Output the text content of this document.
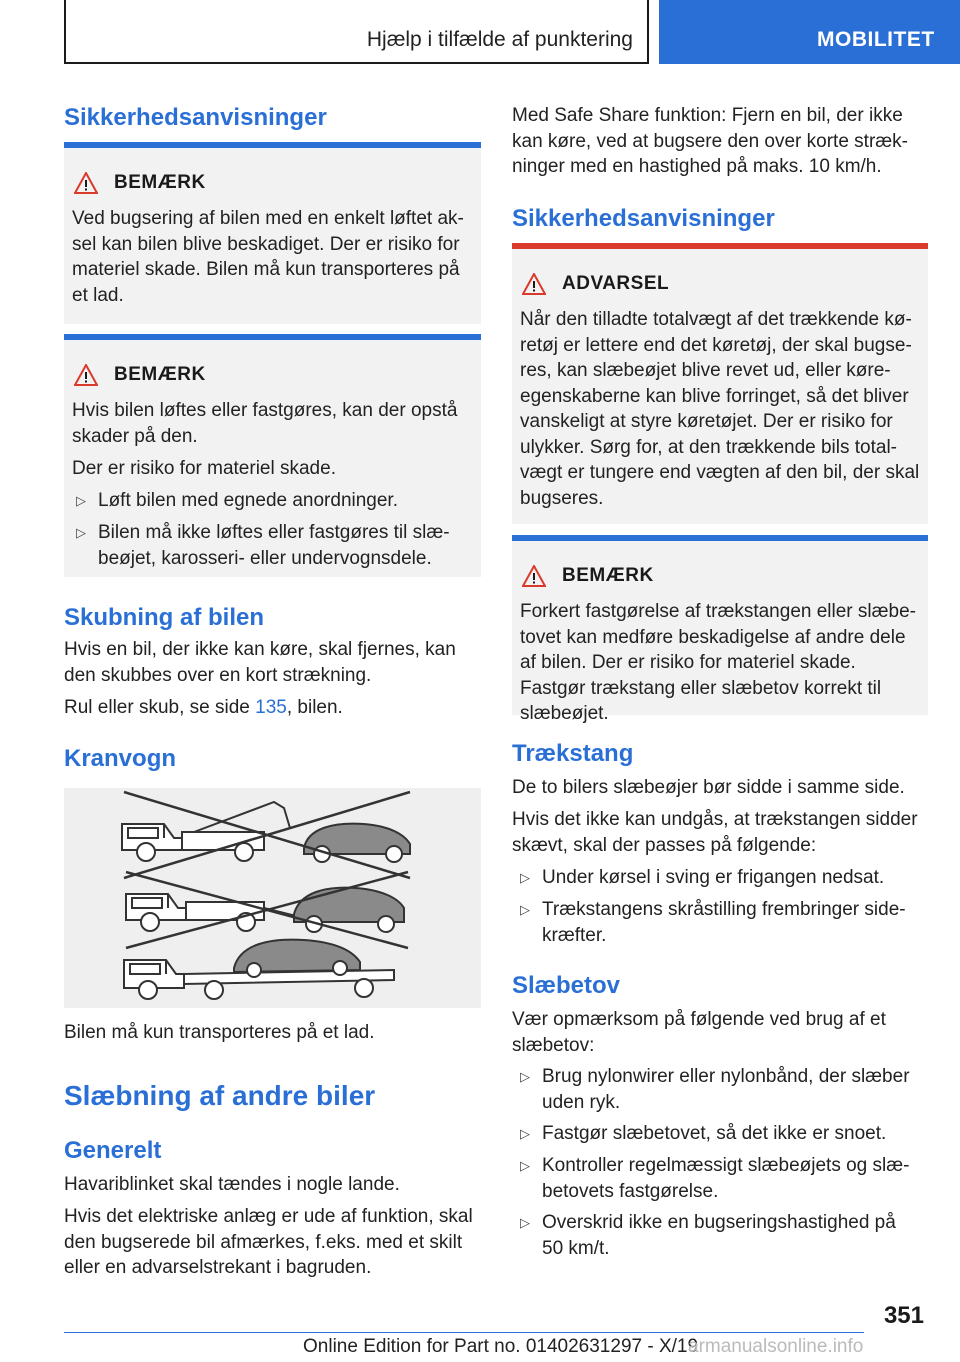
Hjælp i tilfælde af punktering	MOBILITET
Sikkerhedsanvisninger
BEMÆRK
Ved bugsering af bilen med en enkelt løftet ak-sel kan bilen blive beskadiget. Der er risiko for materiel skade. Bilen må kun transporteres på et lad.
BEMÆRK
Hvis bilen løftes eller fastgøres, kan der opstå skader på den.
Der er risiko for materiel skade.
▷ Løft bilen med egnede anordninger.
▷ Bilen må ikke løftes eller fastgøres til slæ-beøjet, karosseri- eller undervognsdele.
Skubning af bilen
Hvis en bil, der ikke kan køre, skal fjernes, kan den skubbes over en kort strækning.
Rul eller skub, se side 135, bilen.
Kranvogn
Bilen må kun transporteres på et lad.
Slæbning af andre biler
Generelt
Havariblinket skal tændes i nogle lande.
Hvis det elektriske anlæg er ude af funktion, skal den bugserede bil afmærkes, f.eks. med et skilt eller en advarselstrekant i bagruden.
Med Safe Share funktion: Fjern en bil, der ikke kan køre, ved at bugsere den over korte stræk-ninger med en hastighed på maks. 10 km/h.
Sikkerhedsanvisninger
ADVARSEL
Når den tilladte totalvægt af det trækkende kø-retøj er lettere end det køretøj, der skal bugse-res, kan slæbeøjet blive revet ud, eller køre-egenskaberne kan blive forringet, så det bliver vanskeligt at styre køretøjet. Der er risiko for ulykker. Sørg for, at den trækkende bils total-vægt er tungere end vægten af den bil, der skal bugseres.
BEMÆRK
Forkert fastgørelse af trækstangen eller slæbe-tovet kan medføre beskadigelse af andre dele af bilen. Der er risiko for materiel skade. Fastgør trækstang eller slæbetov korrekt til slæbeøjet.
Trækstang
De to bilers slæbeøjer bør sidde i samme side.
Hvis det ikke kan undgås, at trækstangen sidder skævt, skal der passes på følgende:
▷ Under kørsel i sving er frigangen nedsat.
▷ Trækstangens skråstilling frembringer side-kræfter.
Slæbetov
Vær opmærksom på følgende ved brug af et slæbetov:
▷ Brug nylonwirer eller nylonbånd, der slæber uden ryk.
▷ Fastgør slæbetovet, så det ikke er snoet.
▷ Kontroller regelmæssigt slæbeøjets og slæ-betovets fastgørelse.
▷ Overskrid ikke en bugseringshastighed på 50 km/t.
351
Online Edition for Part no. 01402631297 - X/19
armanualsonline.info
